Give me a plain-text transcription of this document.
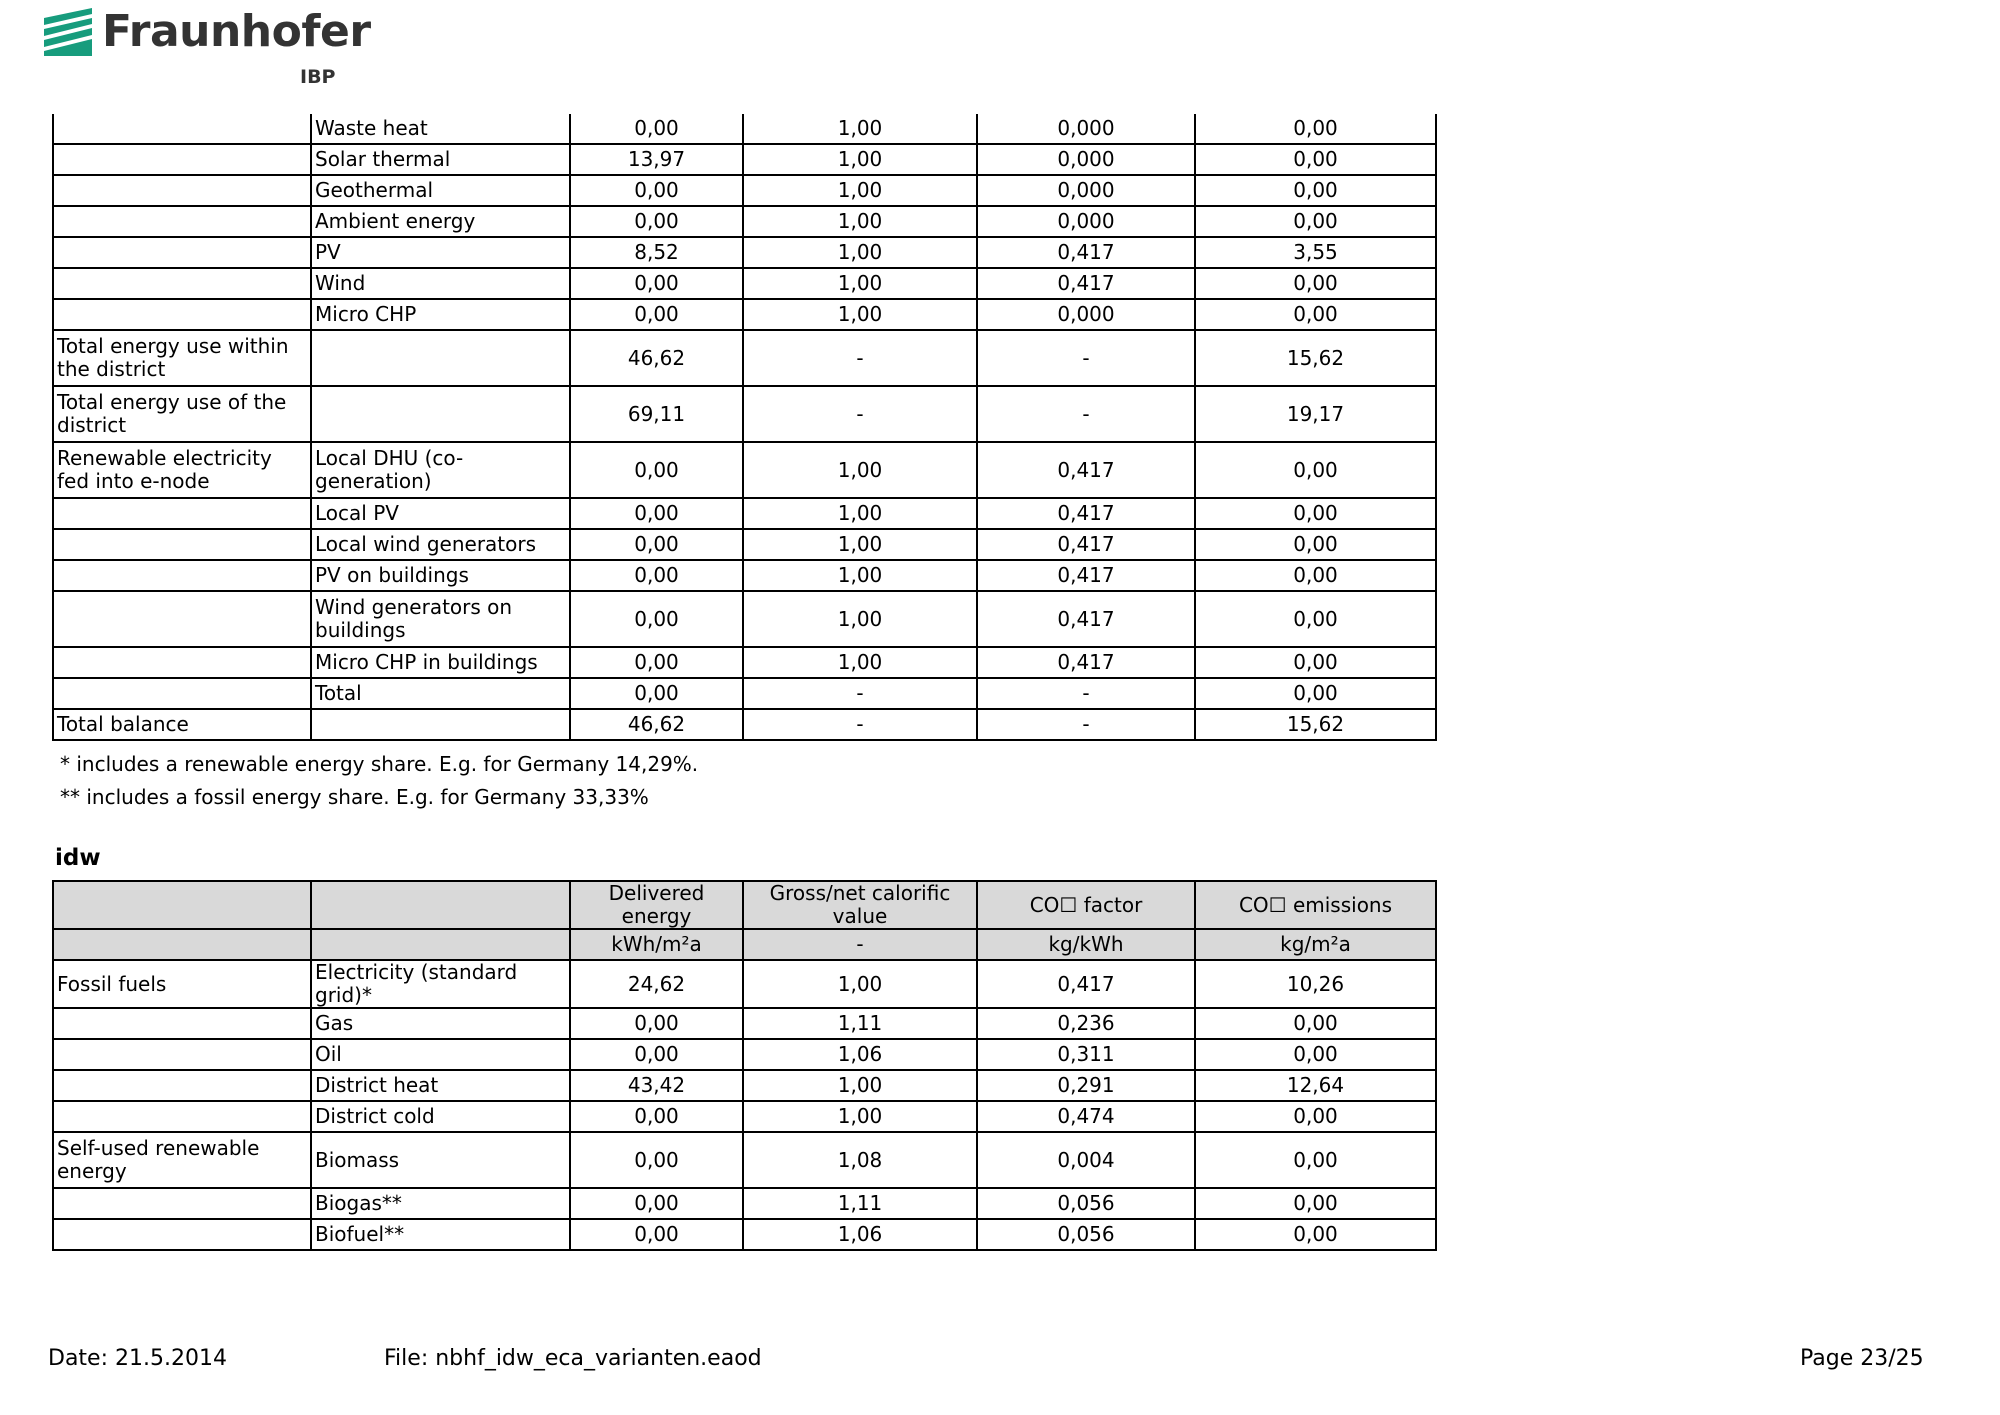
Fraunhofer
IBP
	Waste heat	0,00	1,00	0,000	0,00
	Solar thermal	13,97	1,00	0,000	0,00
	Geothermal	0,00	1,00	0,000	0,00
	Ambient energy	0,00	1,00	0,000	0,00
	PV	8,52	1,00	0,417	3,55
	Wind	0,00	1,00	0,417	0,00
	Micro CHP	0,00	1,00	0,000	0,00
Total energy use within the district		46,62	-	-	15,62
Total energy use of the district		69,11	-	-	19,17
Renewable electricity fed into e-node	Local DHU (co-generation)	0,00	1,00	0,417	0,00
	Local PV	0,00	1,00	0,417	0,00
	Local wind generators	0,00	1,00	0,417	0,00
	PV on buildings	0,00	1,00	0,417	0,00
	Wind generators on buildings	0,00	1,00	0,417	0,00
	Micro CHP in buildings	0,00	1,00	0,417	0,00
	Total	0,00	-	-	0,00
Total balance		46,62	-	-	15,62
* includes a renewable energy share. E.g. for Germany 14,29%.
** includes a fossil energy share. E.g. for Germany 33,33%
idw
		Delivered energy	Gross/net calorific value	CO☐ factor	CO☐ emissions
		kWh/m²a	-	kg/kWh	kg/m²a
Fossil fuels	Electricity (standard grid)*	24,62	1,00	0,417	10,26
	Gas	0,00	1,11	0,236	0,00
	Oil	0,00	1,06	0,311	0,00
	District heat	43,42	1,00	0,291	12,64
	District cold	0,00	1,00	0,474	0,00
Self-used renewable energy	Biomass	0,00	1,08	0,004	0,00
	Biogas**	0,00	1,11	0,056	0,00
	Biofuel**	0,00	1,06	0,056	0,00
Date: 21.5.2014	File: nbhf_idw_eca_varianten.eaod	Page 23/25
